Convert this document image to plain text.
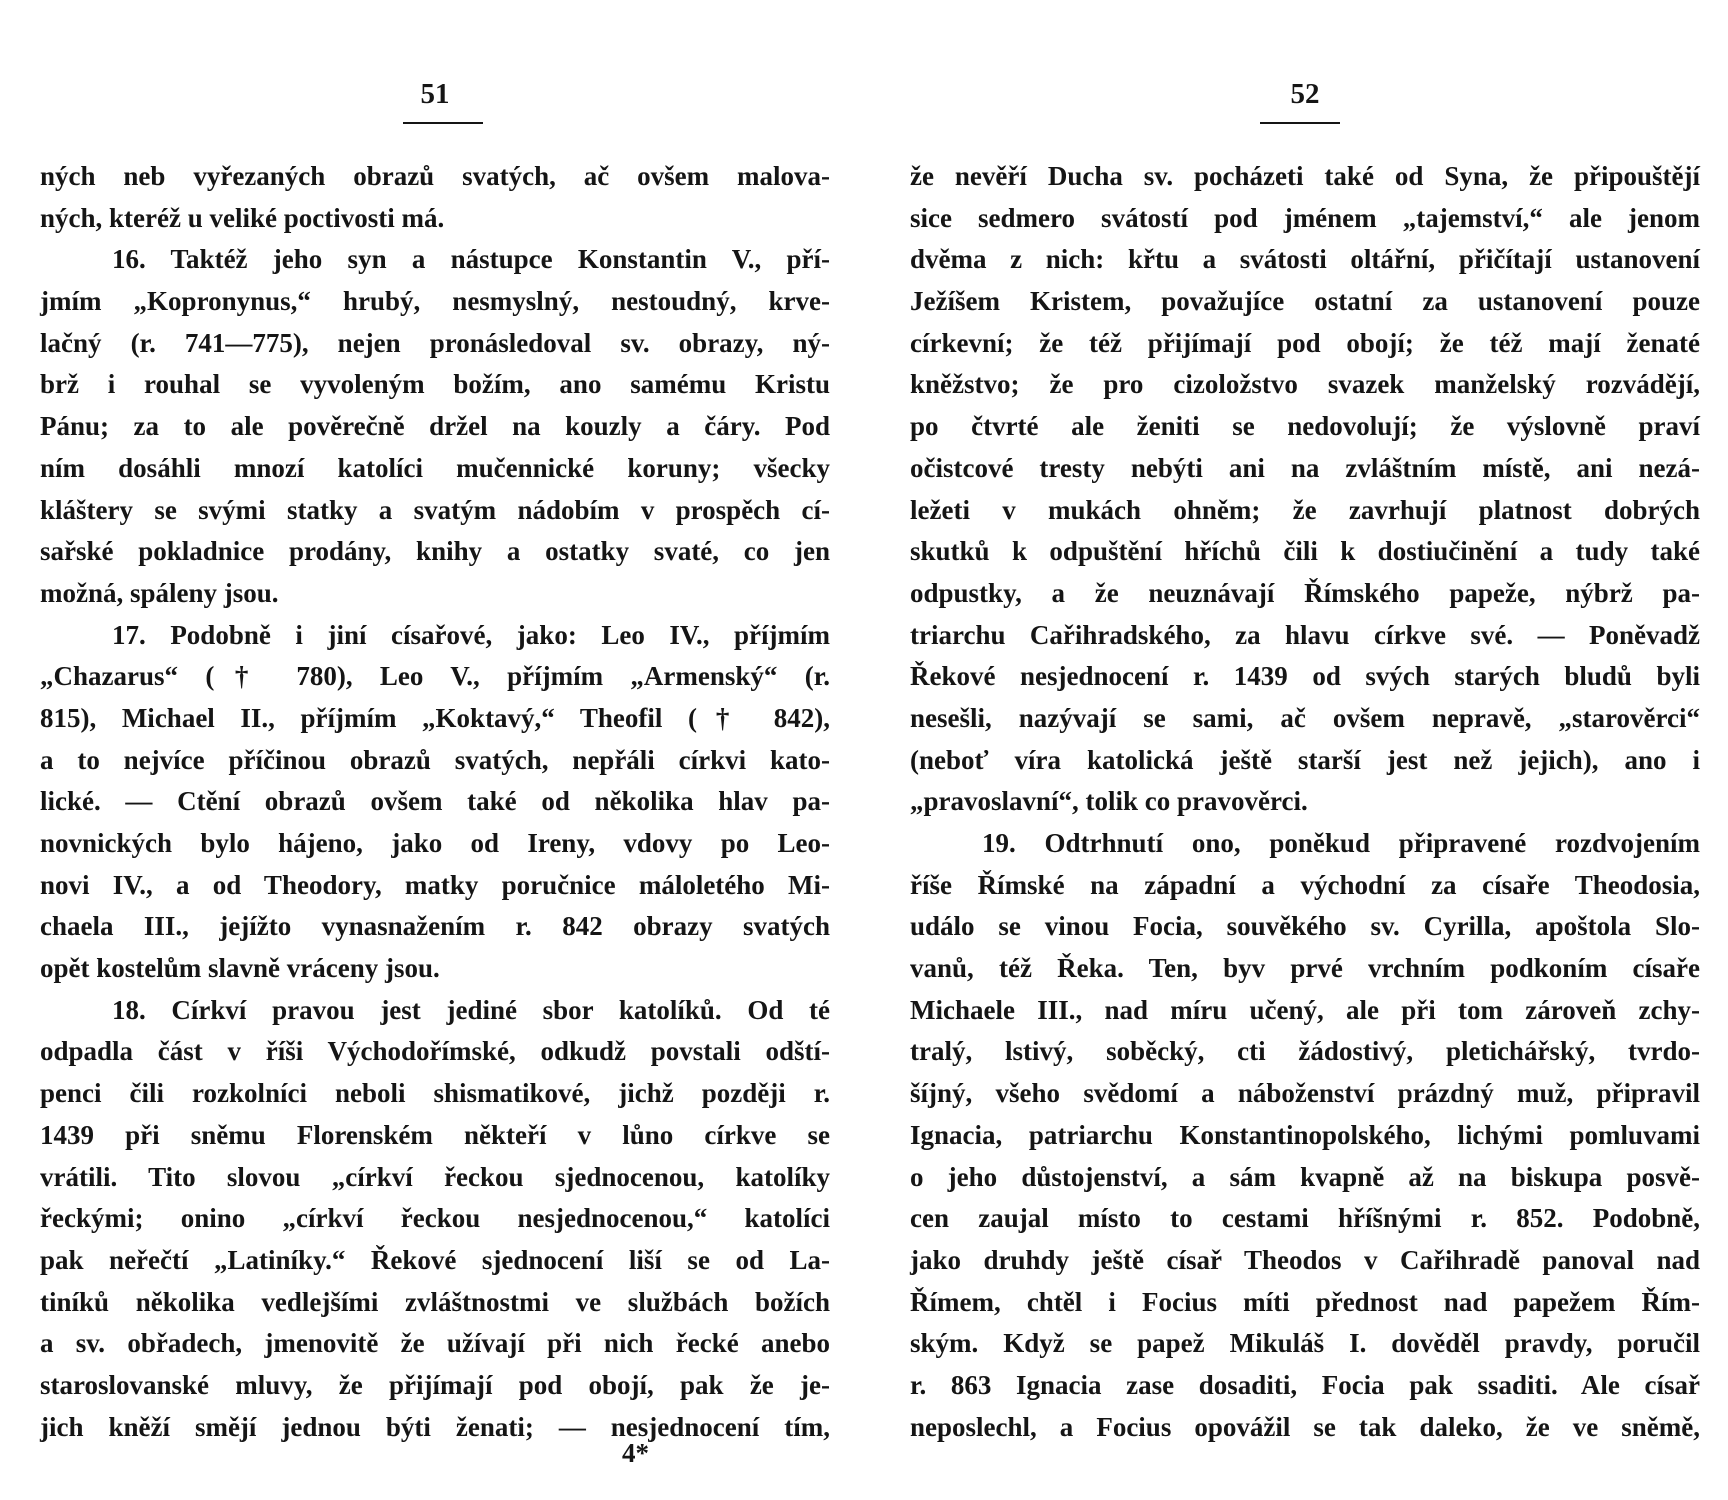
51
ných neb vyřezaných obrazů svatých, ač ovšem malova-
ných, kteréž u veliké poctivosti má.
16. Taktéž jeho syn a nástupce Konstantin V., pří-
jmím „Kopronynus,“ hrubý, nesmyslný, nestoudný, krve-
lačný (r. 741—775), nejen pronásledoval sv. obrazy, ný-
brž i rouhal se vyvoleným božím, ano samému Kristu
Pánu; za to ale pověrečně držel na kouzly a čáry. Pod
ním dosáhli mnozí katolíci mučennické koruny; všecky
kláštery se svými statky a svatým nádobím v prospěch cí-
sařské pokladnice prodány, knihy a ostatky svaté, co jen
možná, spáleny jsou.
17. Podobně i jiní císařové, jako: Leo IV., příjmím
„Chazarus“ († 780), Leo V., příjmím „Armenský“ (r.
815), Michael II., příjmím „Koktavý,“ Theofil († 842),
a to nejvíce příčinou obrazů svatých, nepřáli církvi kato-
lické. — Ctění obrazů ovšem také od několika hlav pa-
novnických bylo hájeno, jako od Ireny, vdovy po Leo-
novi IV., a od Theodory, matky poručnice máloletého Mi-
chaela III., jejížto vynasnažením r. 842 obrazy svatých
opět kostelům slavně vráceny jsou.
18. Církví pravou jest jediné sbor katolíků. Od té
odpadla část v říši Východořímské, odkudž povstali odští-
penci čili rozkolníci neboli shismatikové, jichž později r.
1439 při sněmu Florenském někteří v lůno církve se
vrátili. Tito slovou „církví řeckou sjednocenou, katolíky
řeckými; onino „církví řeckou nesjednocenou,“ katolíci
pak neřečtí „Latiníky.“ Řekové sjednocení liší se od La-
tiníků několika vedlejšími zvláštnostmi ve službách božích
a sv. obřadech, jmenovitě že užívají při nich řecké anebo
staroslovanské mluvy, že přijímají pod obojí, pak že je-
jich kněží smějí jednou býti ženati; — nesjednocení tím,
4*
52
že nevěří Ducha sv. pocházeti také od Syna, že připouštějí
sice sedmero svátostí pod jménem „tajemství,“ ale jenom
dvěma z nich: křtu a svátosti oltářní, přičítají ustanovení
Ježíšem Kristem, považujíce ostatní za ustanovení pouze
církevní; že též přijímají pod obojí; že též mají ženaté
kněžstvo; že pro cizoložstvo svazek manželský rozvádějí,
po čtvrté ale ženiti se nedovolují; že výslovně praví
očistcové tresty nebýti ani na zvláštním místě, ani nezá-
ležeti v mukách ohněm; že zavrhují platnost dobrých
skutků k odpuštění hříchů čili k dostiučinění a tudy také
odpustky, a že neuznávají Římského papeže, nýbrž pa-
triarchu Cařihradského, za hlavu církve své. — Poněvadž
Řekové nesjednocení r. 1439 od svých starých bludů byli
nesešli, nazývají se sami, ač ovšem nepravě, „starověrci“
(neboť víra katolická ještě starší jest než jejich), ano i
„pravoslavní“, tolik co pravověrci.
19. Odtrhnutí ono, poněkud připravené rozdvojením
říše Římské na západní a východní za císaře Theodosia,
událo se vinou Focia, souvěkého sv. Cyrilla, apoštola Slo-
vanů, též Řeka. Ten, byv prvé vrchním podkoním císaře
Michaele III., nad míru učený, ale při tom zároveň zchy-
tralý, lstivý, soběcký, cti žádostivý, pletichářský, tvrdo-
šíjný, všeho svědomí a náboženství prázdný muž, připravil
Ignacia, patriarchu Konstantinopolského, lichými pomluvami
o jeho důstojenství, a sám kvapně až na biskupa posvě-
cen zaujal místo to cestami hříšnými r. 852. Podobně,
jako druhdy ještě císař Theodos v Cařihradě panoval nad
Římem, chtěl i Focius míti přednost nad papežem Řím-
ským. Když se papež Mikuláš I. dověděl pravdy, poručil
r. 863 Ignacia zase dosaditi, Focia pak ssaditi. Ale císař
neposlechl, a Focius opovážil se tak daleko, že ve sněmě,
